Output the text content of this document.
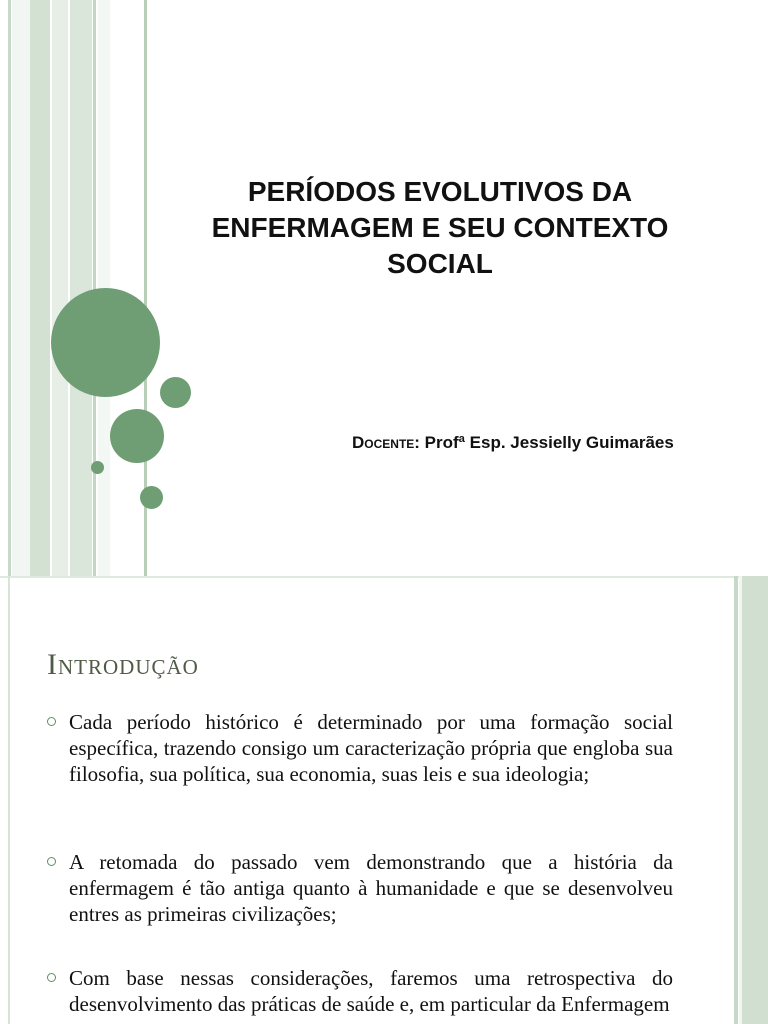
PERÍODOS EVOLUTIVOS DA ENFERMAGEM E SEU CONTEXTO SOCIAL
Docente: Profª Esp. Jessielly Guimarães
Introdução
Cada período histórico é determinado por uma formação social específica, trazendo consigo um caracterização própria que engloba sua filosofia, sua política, sua economia, suas leis e sua ideologia;
A retomada do passado vem demonstrando que a história da enfermagem é tão antiga quanto à humanidade e que se desenvolveu entres as primeiras civilizações;
Com base nessas considerações, faremos uma retrospectiva do desenvolvimento das práticas de saúde e, em particular da Enfermagem
